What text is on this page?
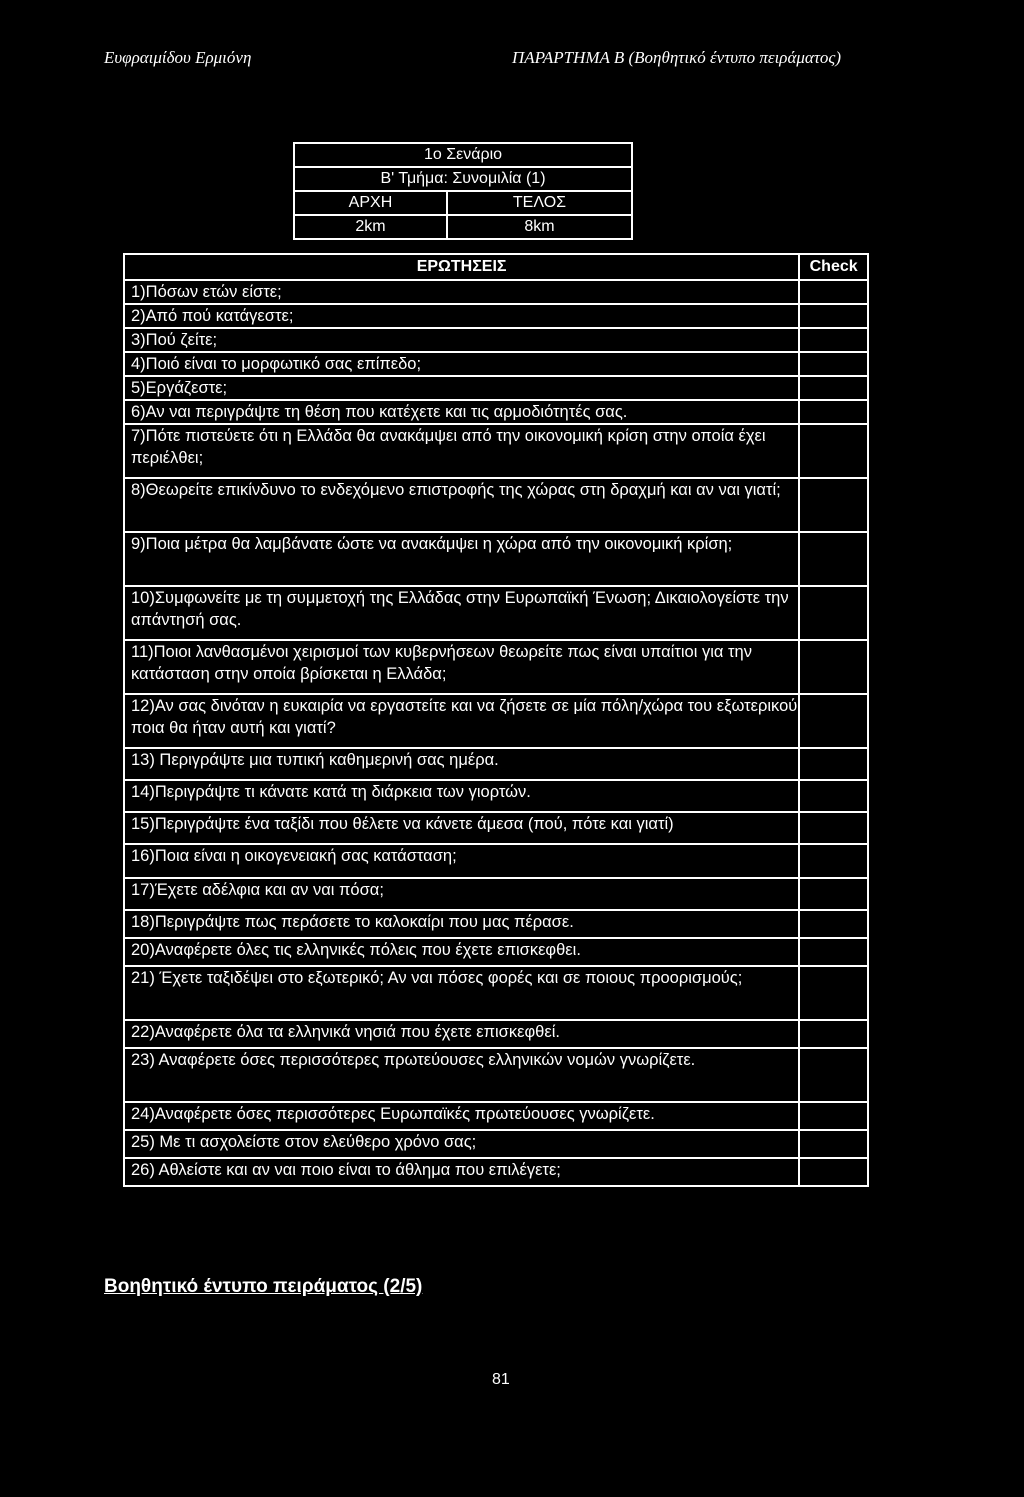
Ευφραιμίδου Ερμιόνη	ΠΑΡΑΡΤΗΜΑ Β (Βοηθητικό έντυπο πειράματος)
1ο Σενάριο	
Β' Τμήμα: Συνομιλία (1)	
ΑΡΧΗ	ΤΕΛΟΣ
2km	8km
ΕΡΩΤΗΣΕΙΣ	Check
1)Πόσων ετών είστε;	
2)Από πού κατάγεστε;	
3)Πού ζείτε;	
4)Ποιό είναι το μορφωτικό σας επίπεδο;	
5)Εργάζεστε;	
6)Αν ναι περιγράψτε τη θέση που κατέχετε και τις αρμοδιότητές σας.	
7)Πότε πιστεύετε ότι η Ελλάδα θα ανακάμψει από την οικονομική κρίση στην οποία έχει περιέλθει;	
8)Θεωρείτε επικίνδυνο το ενδεχόμενο επιστροφής της χώρας στη δραχμή και αν ναι γιατί;	
9)Ποια μέτρα θα λαμβάνατε ώστε να ανακάμψει η χώρα από την οικονομική κρίση;	
10)Συμφωνείτε με τη συμμετοχή της Ελλάδας στην Ευρωπαϊκή Ένωση; Δικαιολογείστε την απάντησή σας.	
11)Ποιοι λανθασμένοι χειρισμοί των κυβερνήσεων θεωρείτε πως είναι υπαίτιοι για την κατάσταση στην οποία βρίσκεται η Ελλάδα;	
12)Αν σας δινόταν η ευκαιρία να εργαστείτε και να ζήσετε σε μία πόλη/χώρα του εξωτερικού ποια θα ήταν αυτή και γιατί?	
13) Περιγράψτε μια τυπική καθημερινή σας ημέρα.	
14)Περιγράψτε τι κάνατε κατά τη διάρκεια των γιορτών.	
15)Περιγράψτε ένα ταξίδι που θέλετε να κάνετε άμεσα (πού, πότε και γιατί)	
16)Ποια είναι η οικογενειακή σας κατάσταση;	
17)Έχετε αδέλφια και αν ναι πόσα;	
18)Περιγράψτε πως περάσετε το καλοκαίρι που μας πέρασε.	
20)Αναφέρετε όλες τις ελληνικές πόλεις που έχετε επισκεφθει.	
21) Έχετε ταξιδέψει στο εξωτερικό; Αν ναι πόσες φορές και σε ποιους προορισμούς;	
22)Αναφέρετε όλα τα ελληνικά νησιά που έχετε επισκεφθεί.	
23) Αναφέρετε όσες περισσότερες πρωτεύουσες ελληνικών νομών γνωρίζετε.	
24)Αναφέρετε όσες περισσότερες Ευρωπαϊκές πρωτεύουσες γνωρίζετε.	
25) Με τι ασχολείστε στον ελεύθερο χρόνο σας;	
26) Αθλείστε και αν ναι ποιο είναι το άθλημα που επιλέγετε;	
Βοηθητικό έντυπο πειράματος (2/5)
81
